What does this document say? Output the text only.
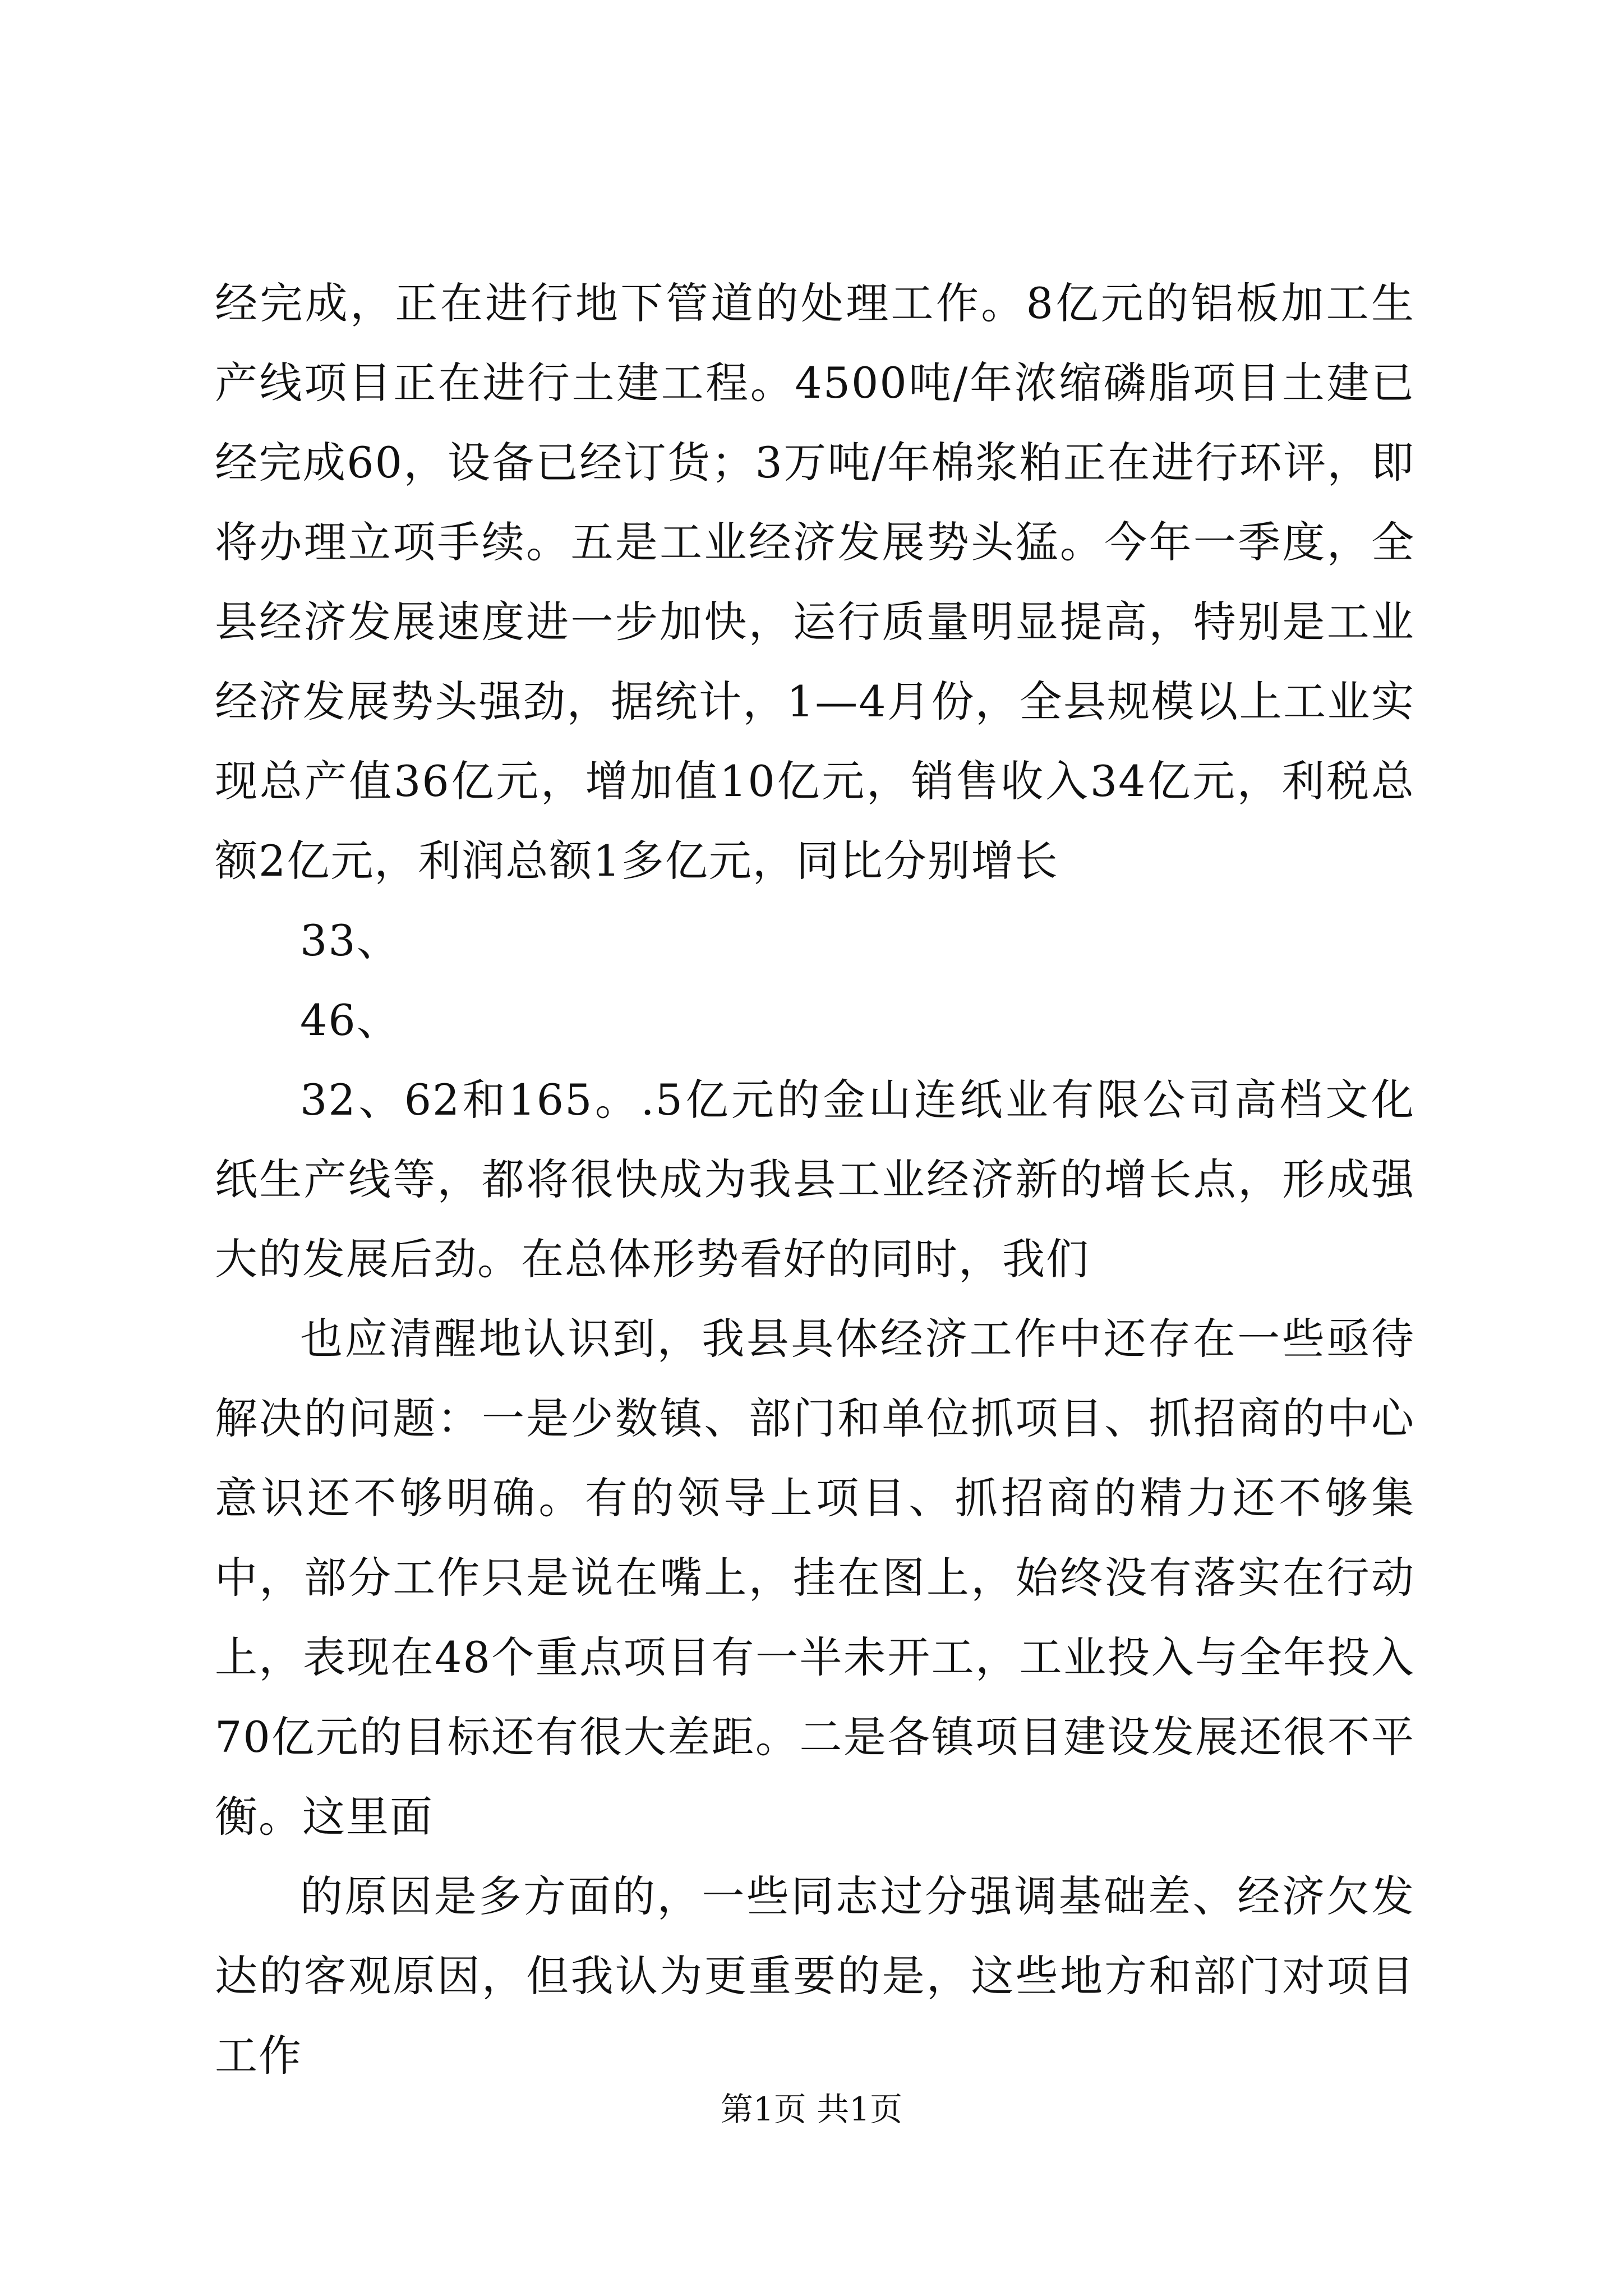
经完成，正在进行地下管道的处理工作。8亿元的铝板加工生产线项目正在进行土建工程。4500吨/年浓缩磷脂项目土建已经完成60，设备已经订货；3万吨/年棉浆粕正在进行环评，即将办理立项手续。五是工业经济发展势头猛。今年一季度，全县经济发展速度进一步加快，运行质量明显提高，特别是工业经济发展势头强劲，据统计，1—4月份，全县规模以上工业实现总产值36亿元，增加值10亿元，销售收入34亿元，利税总额2亿元，利润总额1多亿元，同比分别增长

33、

46、

32、62和165。.5亿元的金山连纸业有限公司高档文化纸生产线等，都将很快成为我县工业经济新的增长点，形成强大的发展后劲。在总体形势看好的同时，我们

也应清醒地认识到，我县具体经济工作中还存在一些亟待解决的问题：一是少数镇、部门和单位抓项目、抓招商的中心意识还不够明确。有的领导上项目、抓招商的精力还不够集中，部分工作只是说在嘴上，挂在图上，始终没有落实在行动上，表现在48个重点项目有一半未开工，工业投入与全年投入70亿元的目标还有很大差距。二是各镇项目建设发展还很不平衡。这里面

的原因是多方面的，一些同志过分强调基础差、经济欠发达的客观原因，但我认为更重要的是，这些地方和部门对项目工作

第1页 共1页
